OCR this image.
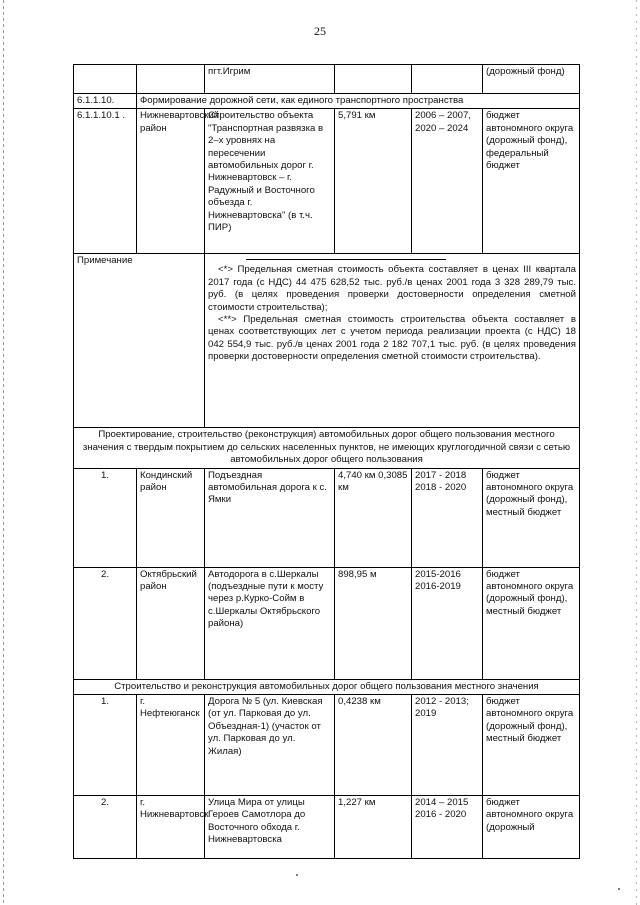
25
		пгт.Игрим			(дорожный фонд)
6.1.1.10.	Формирование дорожной сети, как единого транспортного пространства				
6.1.1.10.1 .	Нижневартовский район	Строительство объекта "Транспортная развязка в 2–х уровнях на пересечении автомобильных дорог г. Нижневартовск – г. Радужный и Восточного объезда г. Нижневартовска" (в т.ч. ПИР)	5,791 км	2006 – 2007, 2020 – 2024	бюджет автономного округа (дорожный фонд), федеральный бюджет
Примечание		<*> Предельная сметная стоимость объекта составляет в ценах III квартала 2017 года (с НДС) 44 475 628,52 тыс. руб./в ценах 2001 года 3 328 289,79 тыс. руб. (в целях проведения проверки достоверности определения сметной стоимости строительства);
<**> Предельная сметная стоимость строительства объекта составляет в ценах соответствующих лет с учетом периода реализации проекта (с НДС) 18 042 554,9 тыс. руб./в ценах 2001 года 2 182 707,1 тыс. руб. (в целях проведения проверки достоверности определения сметной стоимости строительства).			

Проектирование, строительство (реконструкция) автомобильных дорог общего пользования местного значения с твердым покрытием до сельских населенных пунктов, не имеющих круглогодичной связи с сетью автомобильных дорог общего пользования					
1.	Кондинский район	Подъездная автомобильная дорога к с. Ямки	4,740 км 0,3085 км	2017 - 2018 2018 - 2020	бюджет автономного округа (дорожный фонд), местный бюджет
2.	Октябрьский район	Автодорога в с.Шеркалы (подъездные пути к мосту через р.Курко-Сойм в с.Шеркалы Октябрьского района)	898,95 м	2015-2016 2016-2019	бюджет автономного округа (дорожный фонд), местный бюджет
Строительство и реконструкция автомобильных дорог общего пользования местного значения					
1.	г. Нефтеюганск	Дорога № 5 (ул. Киевская (от ул. Парковая до ул. Объездная-1) (участок от ул. Парковая до ул. Жилая)	0,4238 км	2012 - 2013; 2019	бюджет автономного округа (дорожный фонд), местный бюджет
2.	г. Нижневартовск	Улица Мира от улицы Героев Самотлора до Восточного обхода г. Нижневартовска	1,227 км	2014 – 2015 2016 - 2020	бюджет автономного округа (дорожный
